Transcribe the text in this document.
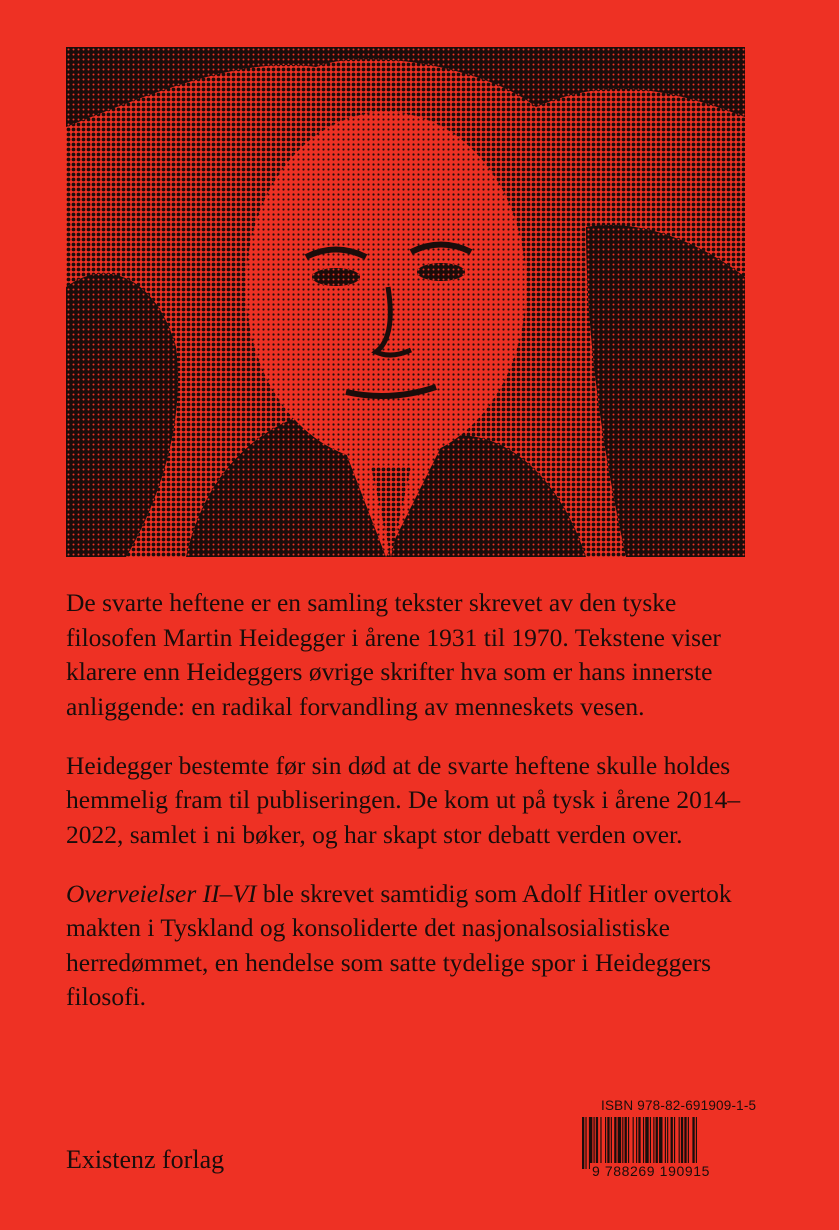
De svarte heftene er en samling tekster skrevet av den tyske filosofen Martin Heidegger i årene 1931 til 1970. Tekstene viser klarere enn Heideggers øvrige skrifter hva som er hans innerste anliggende: en radikal forvandling av menneskets vesen.

Heidegger bestemte før sin død at de svarte heftene skulle holdes hemmelig fram til publiseringen. De kom ut på tysk i årene 2014–2022, samlet i ni bøker, og har skapt stor debatt verden over.

Overveielser II–VI ble skrevet samtidig som Adolf Hitler overtok makten i Tyskland og konsoliderte det nasjonalsosialistiske herredømmet, en hendelse som satte tydelige spor i Heideggers filosofi.

Existenz forlag
ISBN 978-82-691909-1-5
9 788269 190915
